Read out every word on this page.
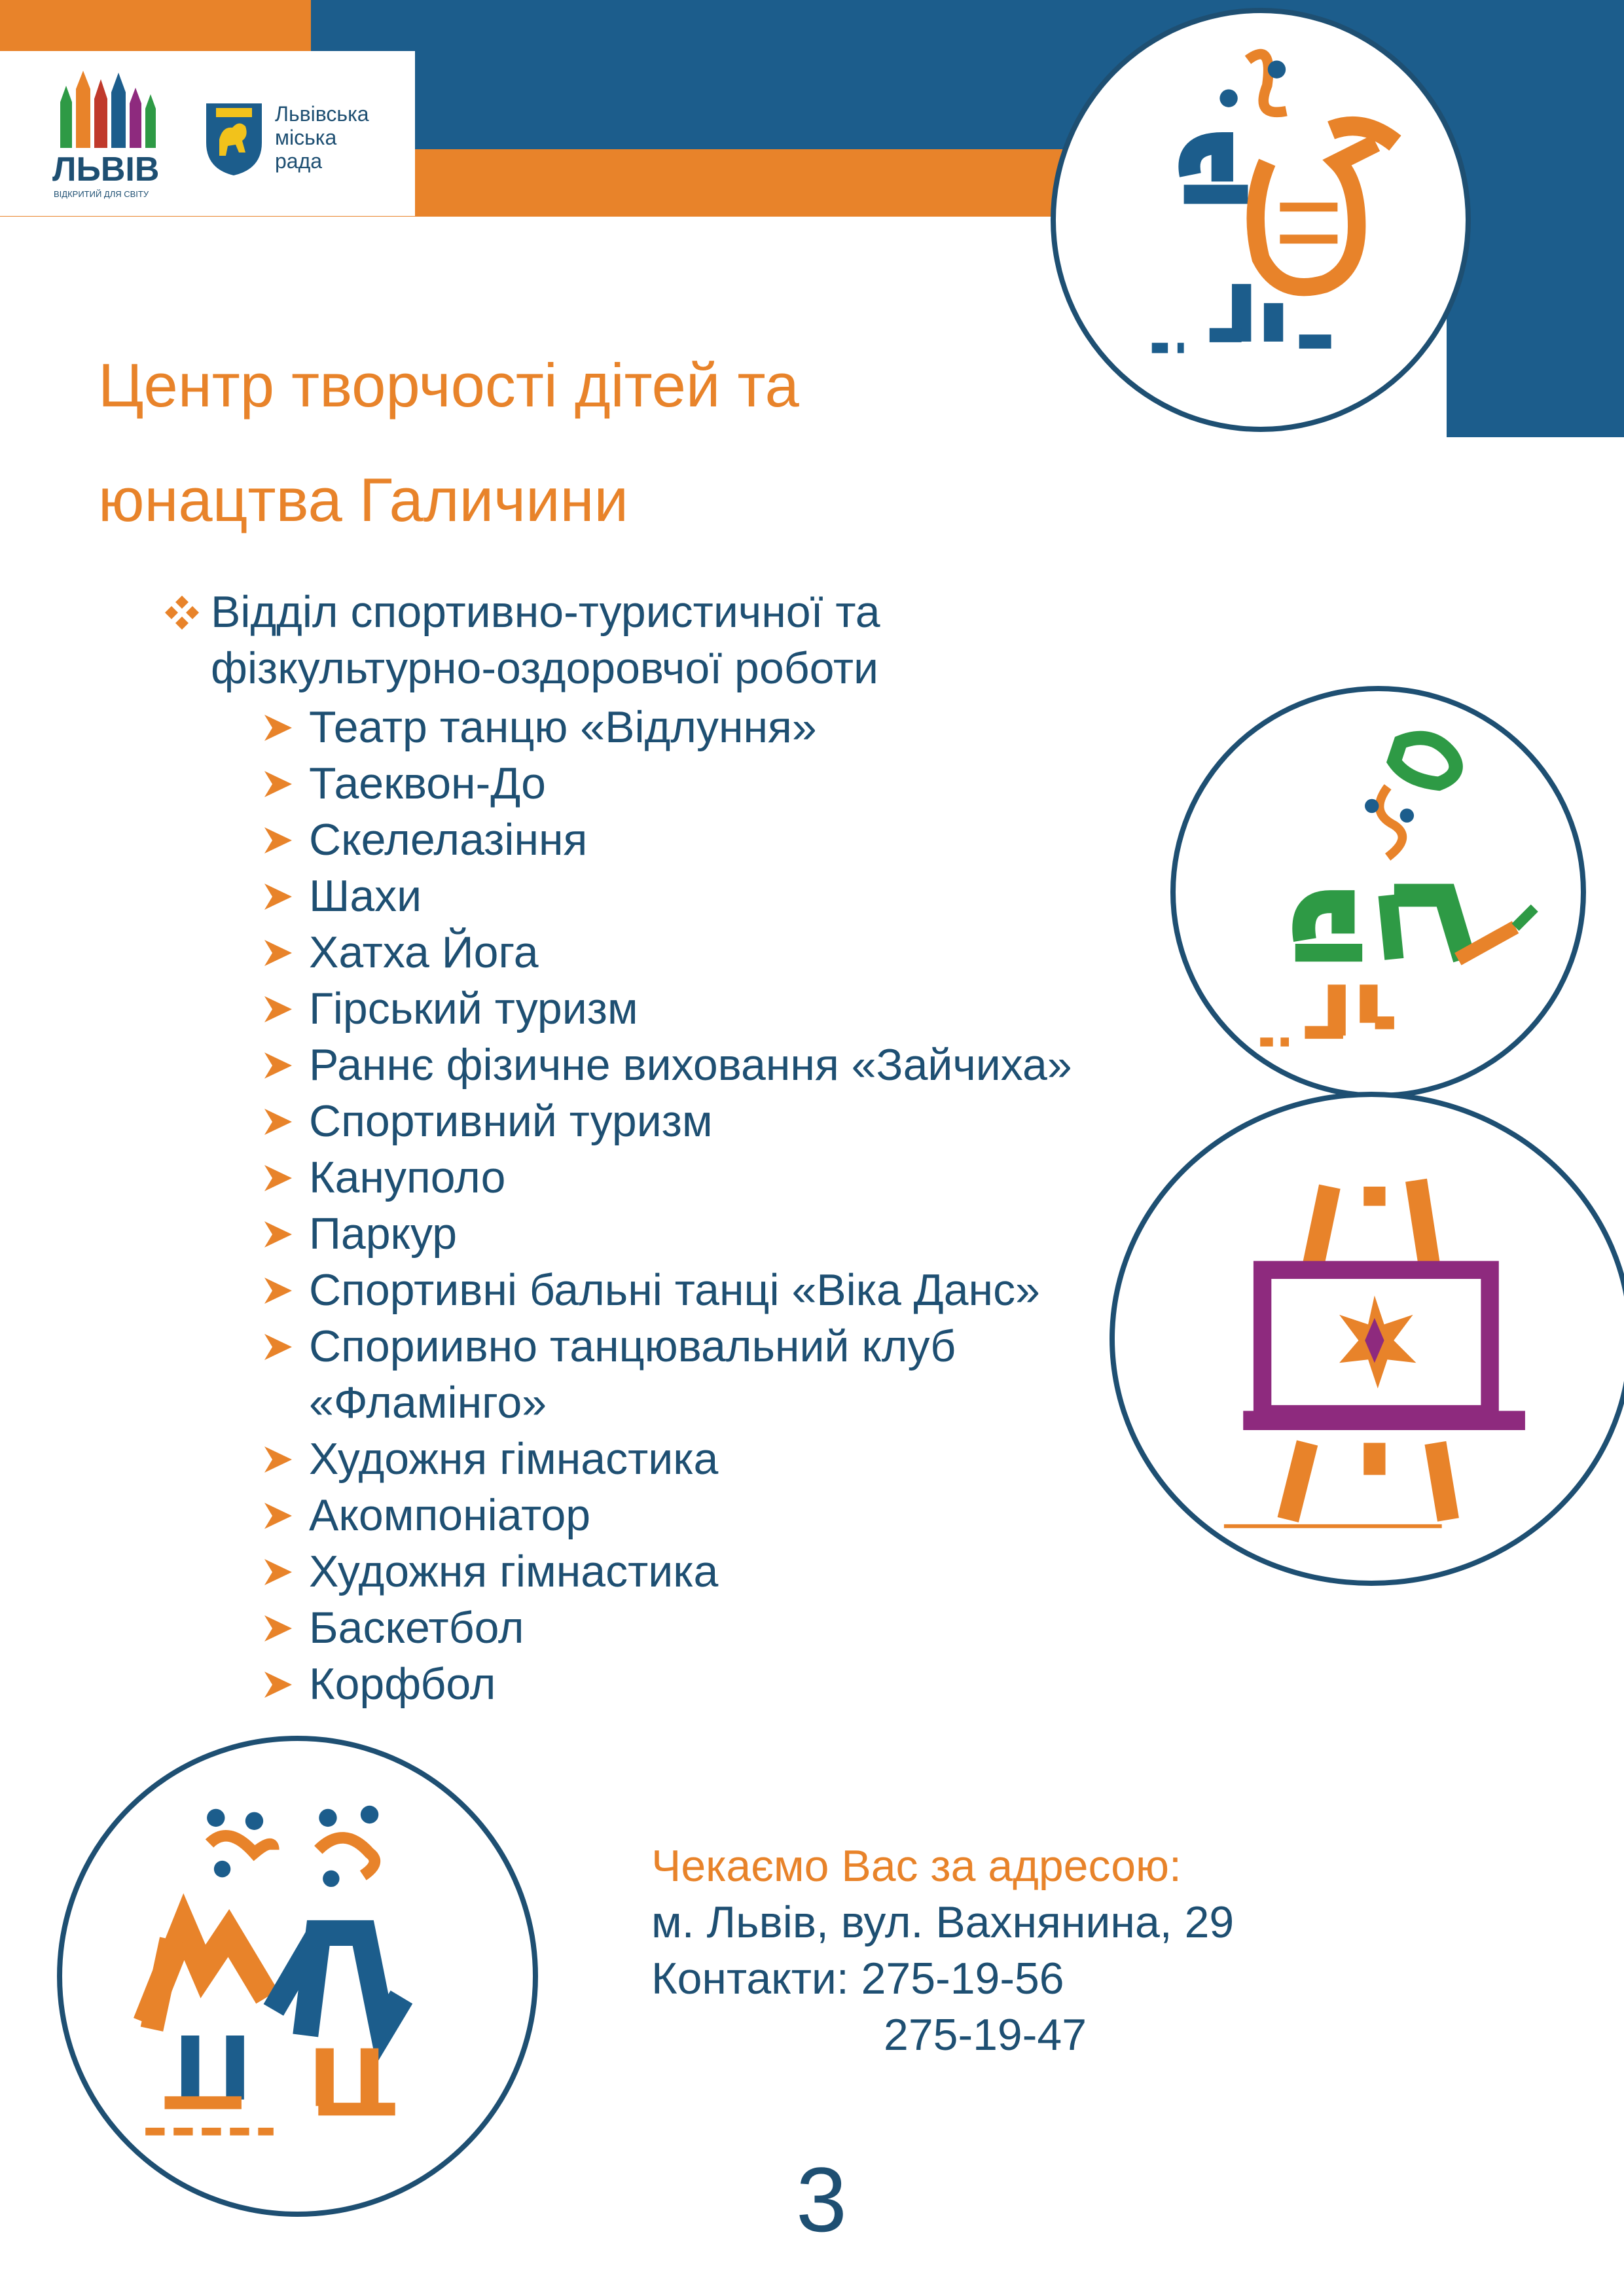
ЛЬВІВ
ВІДКРИТИЙ ДЛЯ СВІТУ
Львівська
міська
рада
Центр творчості дітей та
юнацтва Галичини
Відділ спортивно-туристичної та
фізкультурно-оздоровчої роботи
Театр танцю «Відлуння»
Таеквон-До
Скелелазіння
Шахи
Хатха Йога
Гірський туризм
Раннє фізичне виховання «Зайчиха»
Спортивний туризм
Кануполо
Паркур
Спортивні бальні танці «Віка Данс»
Спориивно танцювальний клуб «Фламінго»
Художня гімнастика
Акомпоніатор
Художня гімнастика
Баскетбол
Корфбол
Чекаємо Вас за адресою:
м. Львів, вул. Вахнянина, 29
Контакти: 275-19-56
275-19-47
3
